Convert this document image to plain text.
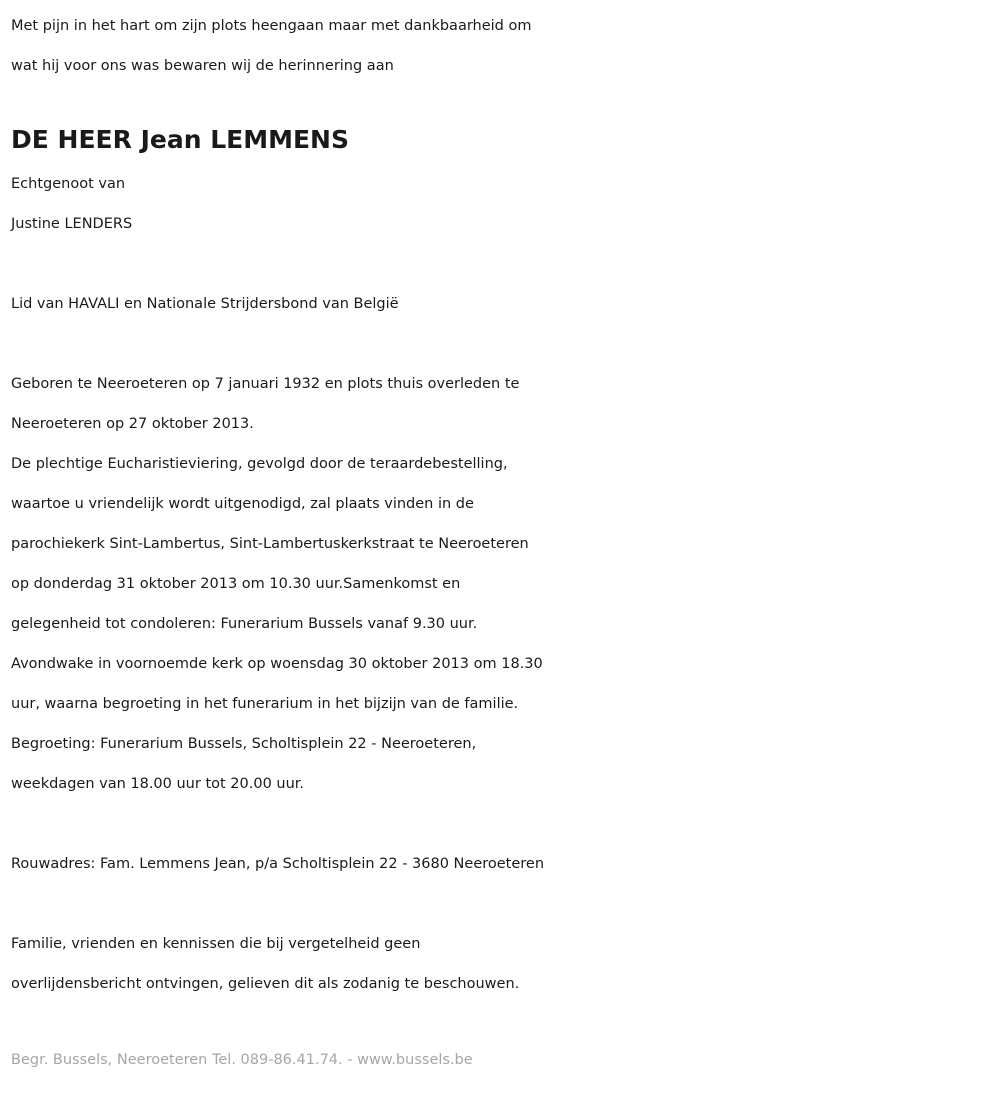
Met pijn in het hart om zijn plots heengaan maar met dankbaarheid om
wat hij voor ons was bewaren wij de herinnering aan
DE HEER Jean LEMMENS
Echtgenoot van
Justine LENDERS
Lid van HAVALI en Nationale Strijdersbond van België
Geboren te Neeroeteren op 7 januari 1932 en plots thuis overleden te
Neeroeteren op 27 oktober 2013.
De plechtige Eucharistieviering, gevolgd door de teraardebestelling,
waartoe u vriendelijk wordt uitgenodigd, zal plaats vinden in de
parochiekerk Sint-Lambertus, Sint-Lambertuskerkstraat te Neeroeteren
op donderdag 31 oktober 2013 om 10.30 uur.Samenkomst en
gelegenheid tot condoleren: Funerarium Bussels vanaf 9.30 uur.
Avondwake in voornoemde kerk op woensdag 30 oktober 2013 om 18.30
uur, waarna begroeting in het funerarium in het bijzijn van de familie.
Begroeting: Funerarium Bussels, Scholtisplein 22 - Neeroeteren,
weekdagen van 18.00 uur tot 20.00 uur.
Rouwadres: Fam. Lemmens Jean, p/a Scholtisplein 22 - 3680 Neeroeteren
Familie, vrienden en kennissen die bij vergetelheid geen
overlijdensbericht ontvingen, gelieven dit als zodanig te beschouwen.
Begr. Bussels, Neeroeteren Tel. 089-86.41.74. - www.bussels.be
